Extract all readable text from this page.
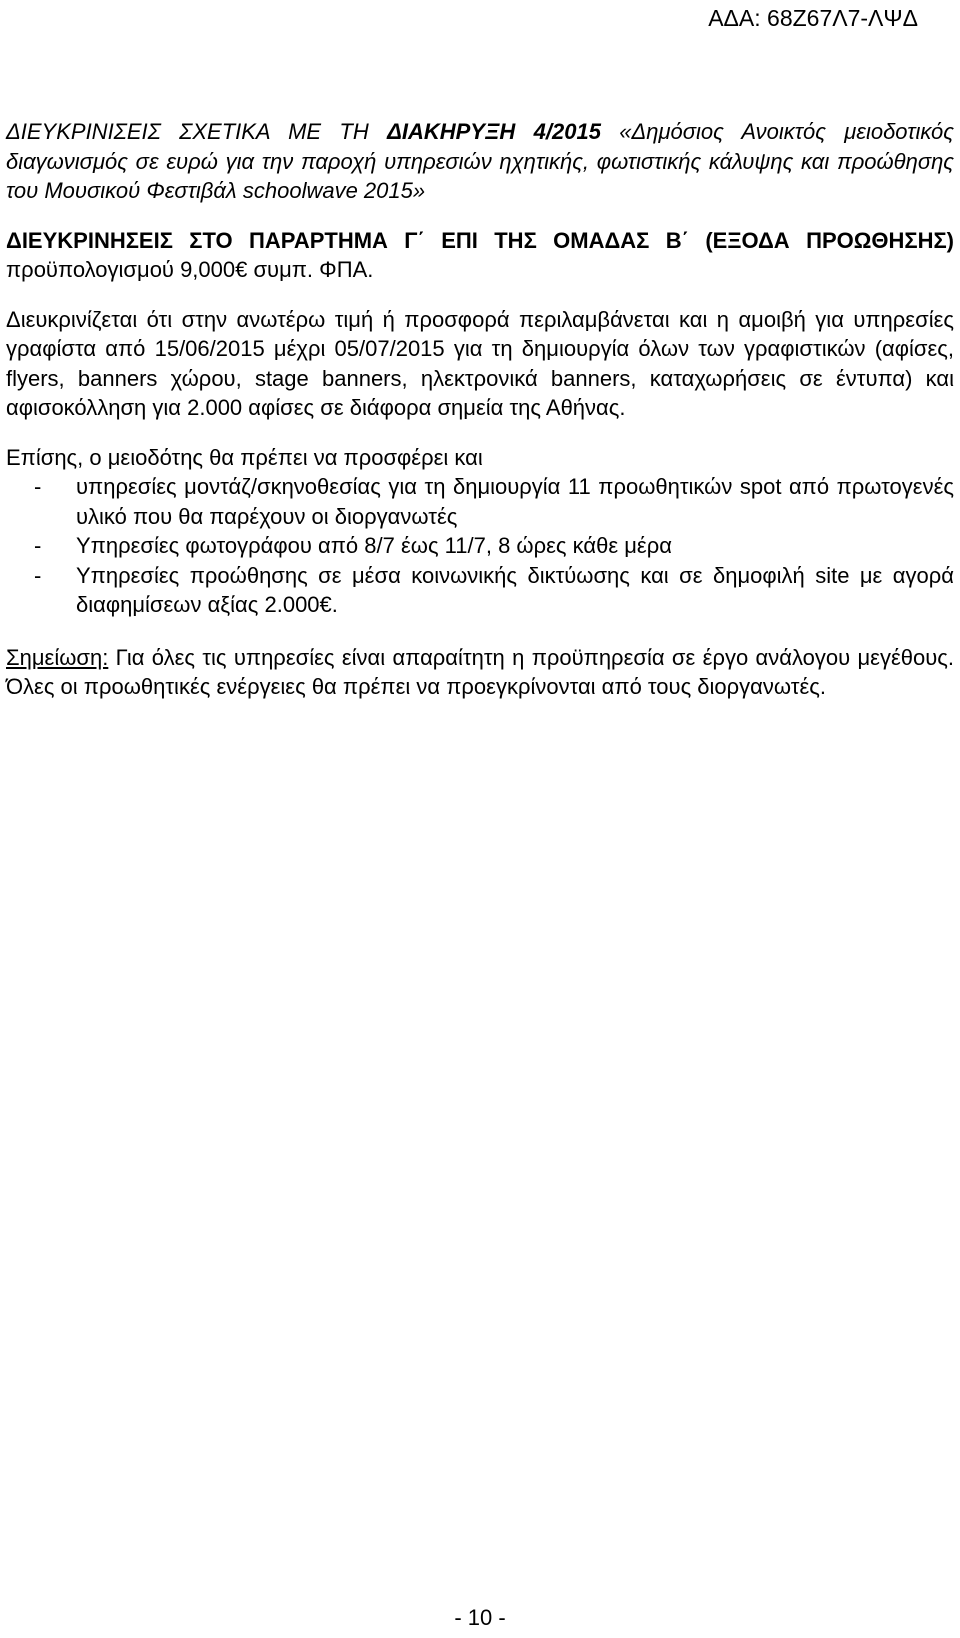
ΑΔΑ: 68Ζ67Λ7-ΛΨΔ

ΔΙΕΥΚΡΙΝΙΣΕΙΣ ΣΧΕΤΙΚΑ ΜΕ ΤΗ ΔΙΑΚΗΡΥΞΗ 4/2015 «Δημόσιος Ανοικτός μειοδοτικός διαγωνισμός σε ευρώ για την παροχή υπηρεσιών ηχητικής, φωτιστικής κάλυψης και προώθησης του Μουσικού Φεστιβάλ schoolwave 2015»

ΔΙΕΥΚΡΙΝΗΣΕΙΣ ΣΤΟ ΠΑΡΑΡΤΗΜΑ Γ΄ ΕΠΙ ΤΗΣ ΟΜΑΔΑΣ Β΄ (ΕΞΟΔΑ ΠΡΟΩΘΗΣΗΣ) προϋπολογισμού 9,000€ συμπ. ΦΠΑ.

Διευκρινίζεται ότι στην ανωτέρω τιμή ή προσφορά περιλαμβάνεται και η αμοιβή για υπηρεσίες γραφίστα από 15/06/2015 μέχρι 05/07/2015 για τη δημιουργία όλων των γραφιστικών (αφίσες, flyers, banners χώρου, stage banners, ηλεκτρονικά banners, καταχωρήσεις σε έντυπα) και αφισοκόλληση για 2.000 αφίσες σε διάφορα σημεία της Αθήνας.

Επίσης, ο μειοδότης θα πρέπει να προσφέρει και

- υπηρεσίες μοντάζ/σκηνοθεσίας για τη δημιουργία 11 προωθητικών spot από πρωτογενές υλικό που θα παρέχουν οι διοργανωτές
- Υπηρεσίες φωτογράφου από 8/7 έως 11/7, 8 ώρες κάθε μέρα
- Υπηρεσίες προώθησης σε μέσα κοινωνικής δικτύωσης και σε δημοφιλή site με αγορά διαφημίσεων αξίας 2.000€.

Σημείωση: Για όλες τις υπηρεσίες είναι απαραίτητη η προϋπηρεσία σε έργο ανάλογου μεγέθους. Όλες οι προωθητικές ενέργειες θα πρέπει να προεγκρίνονται από τους διοργανωτές.

- 10 -
